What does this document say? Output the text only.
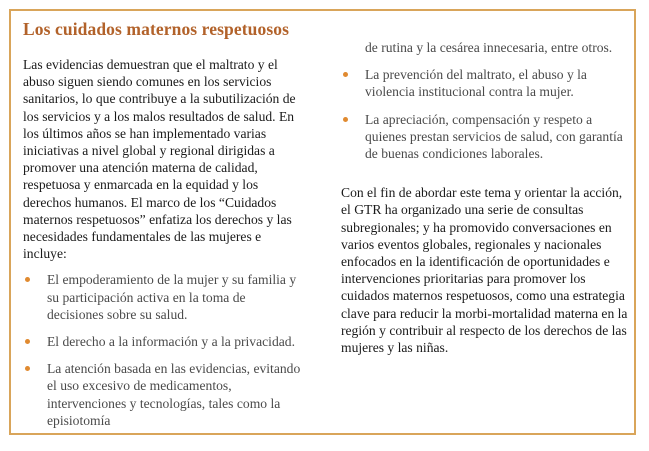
Los cuidados maternos respetuosos

Las evidencias demuestran que el maltrato y el abuso siguen siendo comunes en los servicios sanitarios, lo que contribuye a la subutilización de los servicios y a los malos resultados de salud. En los últimos años se han implementado varias iniciativas a nivel global y regional dirigidas a promover una atención materna de calidad, respetuosa y enmarcada en la equidad y los derechos humanos. El marco de los “Cuidados maternos respetuosos” enfatiza los derechos y las necesidades fundamentales de las mujeres e incluye:

El empoderamiento de la mujer y su familia y su participación activa en la toma de decisiones sobre su salud.
El derecho a la información y a la privacidad.
La atención basada en las evidencias, evitando el uso excesivo de medicamentos, intervenciones y tecnologías, tales como la episiotomía

de rutina y la cesárea innecesaria, entre otros.

La prevención del maltrato, el abuso y la violencia institucional contra la mujer.
La apreciación, compensación y respeto a quienes prestan servicios de salud, con garantía de buenas condiciones laborales.

Con el fin de abordar este tema y orientar la acción, el GTR ha organizado una serie de consultas subregionales; y ha promovido conversaciones en varios eventos globales, regionales y nacionales enfocados en la identificación de oportunidades e intervenciones prioritarias para promover los cuidados maternos respetuosos, como una estrategia clave para reducir la morbi-mortalidad materna en la región y contribuir al respecto de los derechos de las mujeres y las niñas.
